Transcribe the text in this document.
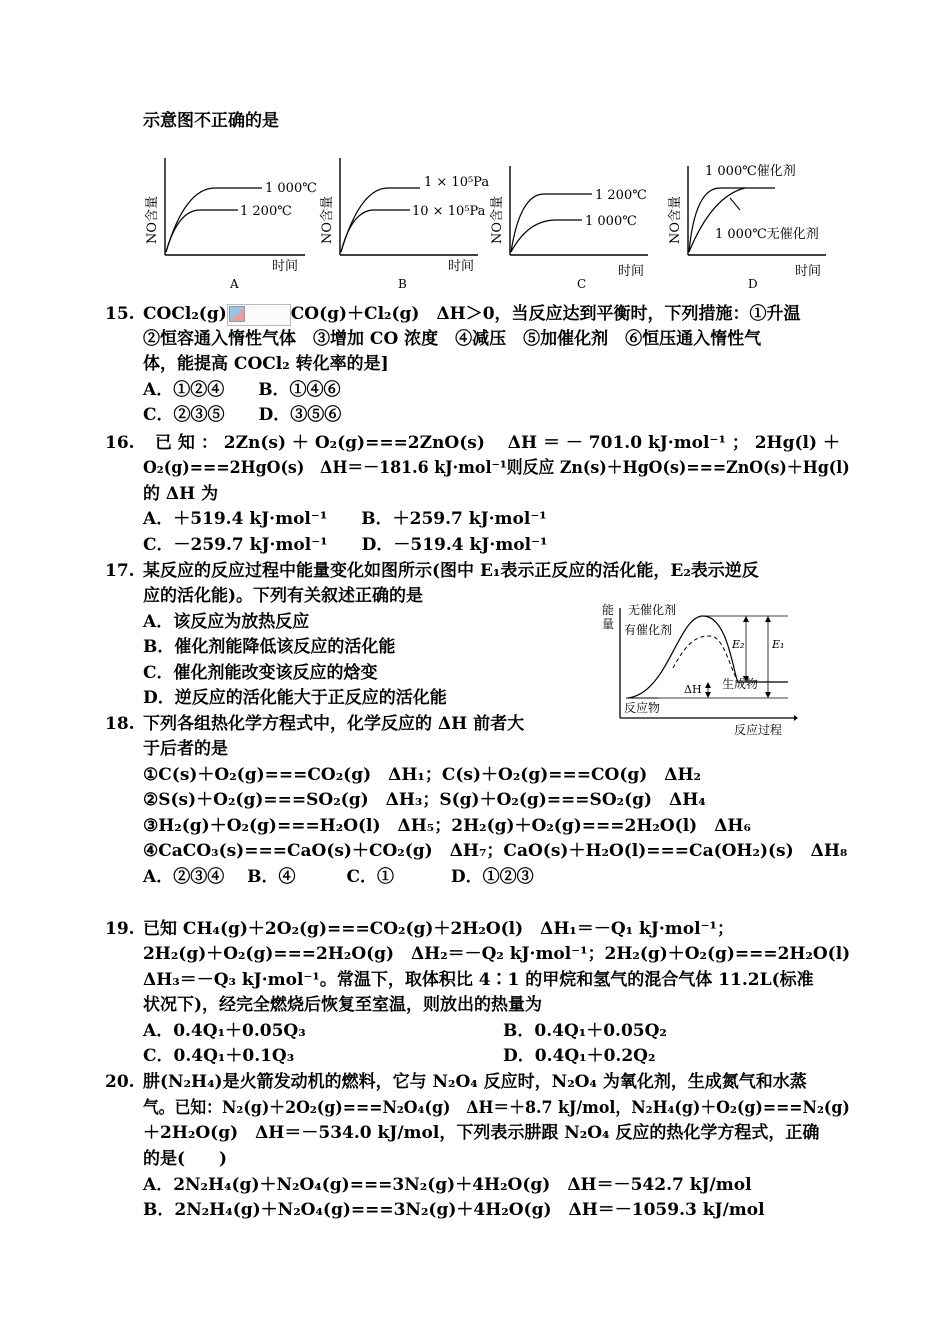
示意图不正确的是
NO含量
1 000℃
1 200℃
时间
A
NO含量
1 × 10⁵Pa
10 × 10⁵Pa
时间
B
NO含量
1 200℃
1 000℃
时间
C
NO含量
1 000℃催化剂
1 000℃无催化剂
时间
D
15. COCl₂(g)	CO(g)＋Cl₂(g)　ΔH＞0，当反应达到平衡时，下列措施：①升温
②恒容通入惰性气体　③增加 CO 浓度　④减压　⑤加催化剂　⑥恒压通入惰性气
体，能提高 COCl₂ 转化率的是]
A．①②④　　B．①④⑥
C．②③⑤　　D．③⑤⑥
16. 已 知 ： 2Zn(s) ＋ O₂(g)===2ZnO(s)　 ΔH ＝ － 701.0 kJ·mol⁻¹ ； 2Hg(l) ＋
O₂(g)===2HgO(s)　ΔH＝－181.6 kJ·mol⁻¹则反应 Zn(s)＋HgO(s)===ZnO(s)＋Hg(l)
的 ΔH 为
A．＋519.4 kJ·mol⁻¹　　B．＋259.7 kJ·mol⁻¹
C．－259.7 kJ·mol⁻¹　　D．－519.4 kJ·mol⁻¹
17. 某反应的反应过程中能量变化如图所示(图中 E₁表示正反应的活化能，E₂表示逆反
应的活化能)。下列有关叙述正确的是
A．该反应为放热反应
B．催化剂能降低该反应的活化能
C．催化剂能改变该反应的焓变
D．逆反应的活化能大于正反应的活化能
能
量
无催化剂
有催化剂
E₂	E₁
ΔH 生成物
反应物
反应过程
18. 下列各组热化学方程式中，化学反应的 ΔH 前者大
于后者的是
①C(s)＋O₂(g)===CO₂(g)　ΔH₁；C(s)＋O₂(g)===CO(g)　ΔH₂
②S(s)＋O₂(g)===SO₂(g)　ΔH₃；S(g)＋O₂(g)===SO₂(g)　ΔH₄
③H₂(g)＋O₂(g)===H₂O(l)　ΔH₅；2H₂(g)＋O₂(g)===2H₂O(l)　ΔH₆
④CaCO₃(s)===CaO(s)＋CO₂(g)　ΔH₇；CaO(s)＋H₂O(l)===Ca(OH₂)(s)　ΔH₈
A．②③④　 B．④　　　C．①　　　 D．①②③
19. 已知 CH₄(g)＋2O₂(g)===CO₂(g)＋2H₂O(l)　ΔH₁＝－Q₁ kJ·mol⁻¹；
2H₂(g)＋O₂(g)===2H₂O(g)　ΔH₂＝－Q₂ kJ·mol⁻¹；2H₂(g)＋O₂(g)===2H₂O(l)
ΔH₃＝－Q₃ kJ·mol⁻¹。常温下，取体积比 4∶1 的甲烷和氢气的混合气体 11.2L(标准
状况下)，经完全燃烧后恢复至室温，则放出的热量为
A．0.4Q₁＋0.05Q₃	B．0.4Q₁＋0.05Q₂
C．0.4Q₁＋0.1Q₃	D．0.4Q₁＋0.2Q₂
20. 肼(N₂H₄)是火箭发动机的燃料，它与 N₂O₄ 反应时，N₂O₄ 为氧化剂，生成氮气和水蒸
气。已知：N₂(g)＋2O₂(g)===N₂O₄(g)　ΔH＝＋8.7 kJ/mol，N₂H₄(g)＋O₂(g)===N₂(g)
＋2H₂O(g)　ΔH＝－534.0 kJ/mol，下列表示肼跟 N₂O₄ 反应的热化学方程式，正确
的是(　　)
A．2N₂H₄(g)＋N₂O₄(g)===3N₂(g)＋4H₂O(g)　ΔH＝－542.7 kJ/mol
B．2N₂H₄(g)＋N₂O₄(g)===3N₂(g)＋4H₂O(g)　ΔH＝－1059.3 kJ/mol
